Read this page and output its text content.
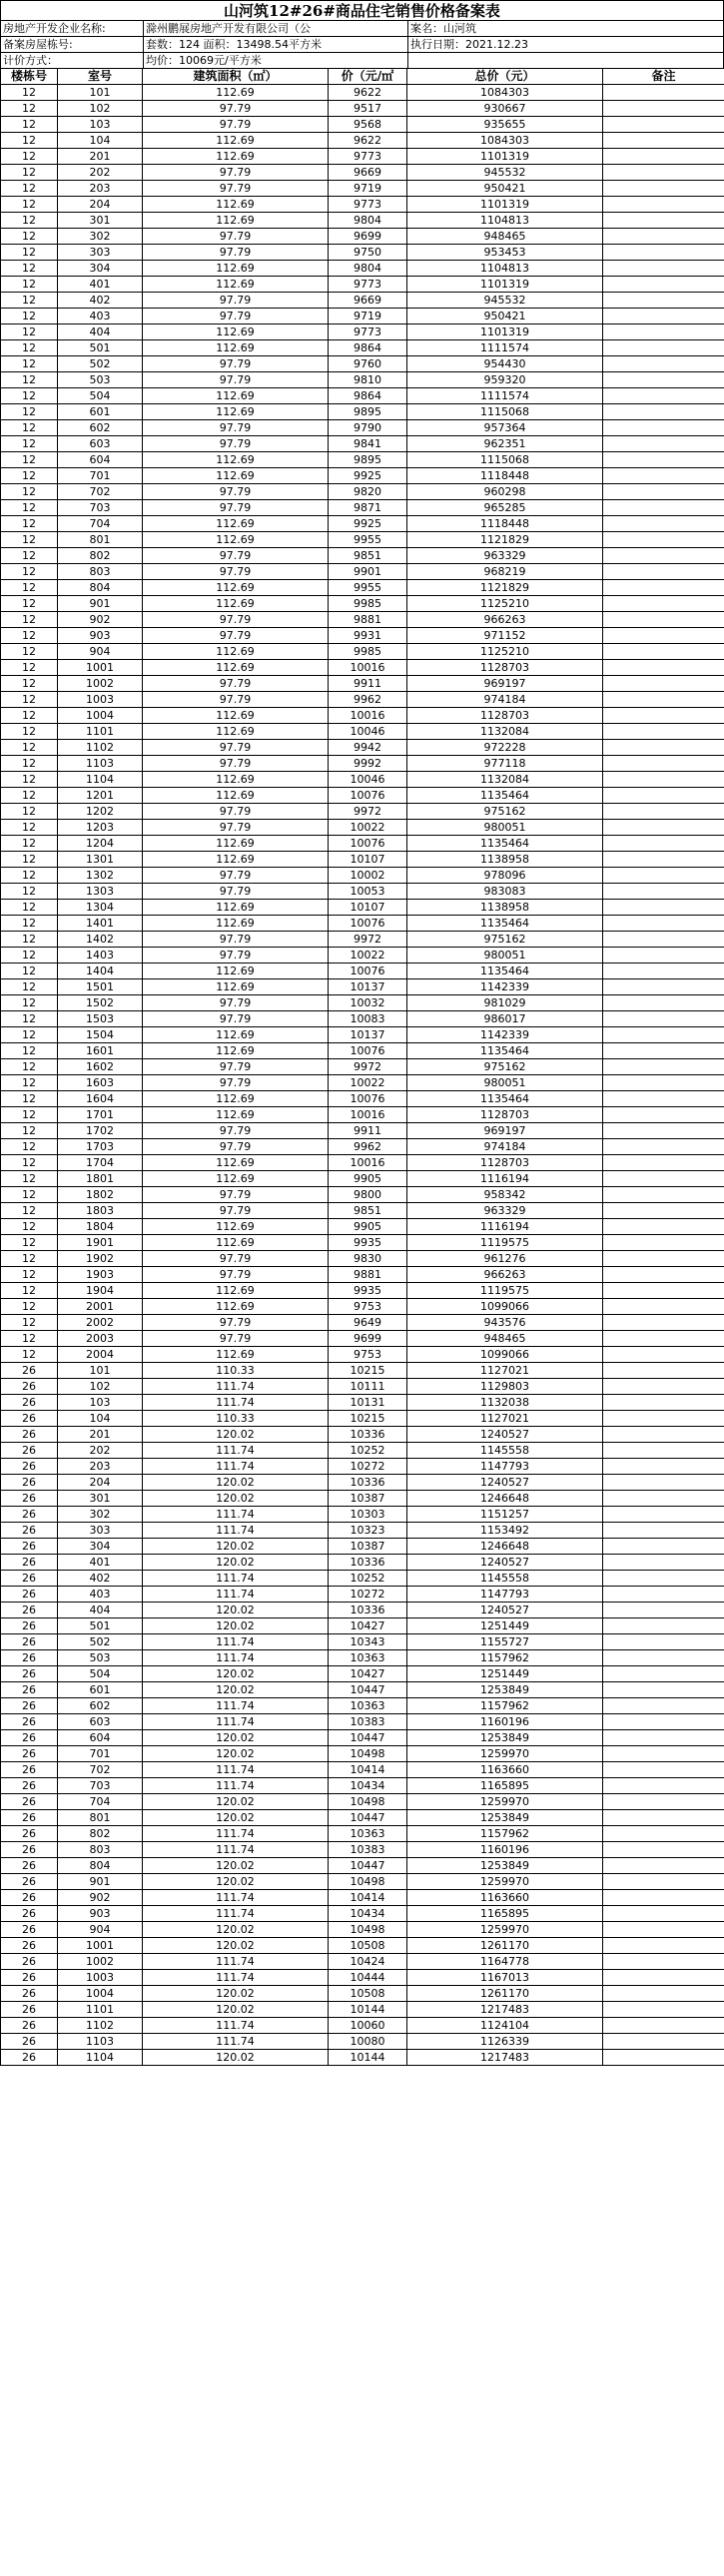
山河筑12#26#商品住宅销售价格备案表
房地产开发企业名称:	滁州鹏展房地产开发有限公司（公	案名：山河筑
备案房屋栋号:	套数：124 面积：13498.54平方米	执行日期：2021.12.23
计价方式：	均价：10069元/平方米
楼栋号	室号	建筑面积（㎡）	价（元/㎡	总价（元）	备注
12	101	112.69	9622	1084303	
12	102	97.79	9517	930667	
12	103	97.79	9568	935655	
12	104	112.69	9622	1084303	
12	201	112.69	9773	1101319	
12	202	97.79	9669	945532	
12	203	97.79	9719	950421	
12	204	112.69	9773	1101319	
12	301	112.69	9804	1104813	
12	302	97.79	9699	948465	
12	303	97.79	9750	953453	
12	304	112.69	9804	1104813	
12	401	112.69	9773	1101319	
12	402	97.79	9669	945532	
12	403	97.79	9719	950421	
12	404	112.69	9773	1101319	
12	501	112.69	9864	1111574	
12	502	97.79	9760	954430	
12	503	97.79	9810	959320	
12	504	112.69	9864	1111574	
12	601	112.69	9895	1115068	
12	602	97.79	9790	957364	
12	603	97.79	9841	962351	
12	604	112.69	9895	1115068	
12	701	112.69	9925	1118448	
12	702	97.79	9820	960298	
12	703	97.79	9871	965285	
12	704	112.69	9925	1118448	
12	801	112.69	9955	1121829	
12	802	97.79	9851	963329	
12	803	97.79	9901	968219	
12	804	112.69	9955	1121829	
12	901	112.69	9985	1125210	
12	902	97.79	9881	966263	
12	903	97.79	9931	971152	
12	904	112.69	9985	1125210	
12	1001	112.69	10016	1128703	
12	1002	97.79	9911	969197	
12	1003	97.79	9962	974184	
12	1004	112.69	10016	1128703	
12	1101	112.69	10046	1132084	
12	1102	97.79	9942	972228	
12	1103	97.79	9992	977118	
12	1104	112.69	10046	1132084	
12	1201	112.69	10076	1135464	
12	1202	97.79	9972	975162	
12	1203	97.79	10022	980051	
12	1204	112.69	10076	1135464	
12	1301	112.69	10107	1138958	
12	1302	97.79	10002	978096	
12	1303	97.79	10053	983083	
12	1304	112.69	10107	1138958	
12	1401	112.69	10076	1135464	
12	1402	97.79	9972	975162	
12	1403	97.79	10022	980051	
12	1404	112.69	10076	1135464	
12	1501	112.69	10137	1142339	
12	1502	97.79	10032	981029	
12	1503	97.79	10083	986017	
12	1504	112.69	10137	1142339	
12	1601	112.69	10076	1135464	
12	1602	97.79	9972	975162	
12	1603	97.79	10022	980051	
12	1604	112.69	10076	1135464	
12	1701	112.69	10016	1128703	
12	1702	97.79	9911	969197	
12	1703	97.79	9962	974184	
12	1704	112.69	10016	1128703	
12	1801	112.69	9905	1116194	
12	1802	97.79	9800	958342	
12	1803	97.79	9851	963329	
12	1804	112.69	9905	1116194	
12	1901	112.69	9935	1119575	
12	1902	97.79	9830	961276	
12	1903	97.79	9881	966263	
12	1904	112.69	9935	1119575	
12	2001	112.69	9753	1099066	
12	2002	97.79	9649	943576	
12	2003	97.79	9699	948465	
12	2004	112.69	9753	1099066	
26	101	110.33	10215	1127021	
26	102	111.74	10111	1129803	
26	103	111.74	10131	1132038	
26	104	110.33	10215	1127021	
26	201	120.02	10336	1240527	
26	202	111.74	10252	1145558	
26	203	111.74	10272	1147793	
26	204	120.02	10336	1240527	
26	301	120.02	10387	1246648	
26	302	111.74	10303	1151257	
26	303	111.74	10323	1153492	
26	304	120.02	10387	1246648	
26	401	120.02	10336	1240527	
26	402	111.74	10252	1145558	
26	403	111.74	10272	1147793	
26	404	120.02	10336	1240527	
26	501	120.02	10427	1251449	
26	502	111.74	10343	1155727	
26	503	111.74	10363	1157962	
26	504	120.02	10427	1251449	
26	601	120.02	10447	1253849	
26	602	111.74	10363	1157962	
26	603	111.74	10383	1160196	
26	604	120.02	10447	1253849	
26	701	120.02	10498	1259970	
26	702	111.74	10414	1163660	
26	703	111.74	10434	1165895	
26	704	120.02	10498	1259970	
26	801	120.02	10447	1253849	
26	802	111.74	10363	1157962	
26	803	111.74	10383	1160196	
26	804	120.02	10447	1253849	
26	901	120.02	10498	1259970	
26	902	111.74	10414	1163660	
26	903	111.74	10434	1165895	
26	904	120.02	10498	1259970	
26	1001	120.02	10508	1261170	
26	1002	111.74	10424	1164778	
26	1003	111.74	10444	1167013	
26	1004	120.02	10508	1261170	
26	1101	120.02	10144	1217483	
26	1102	111.74	10060	1124104	
26	1103	111.74	10080	1126339	
26	1104	120.02	10144	1217483	
